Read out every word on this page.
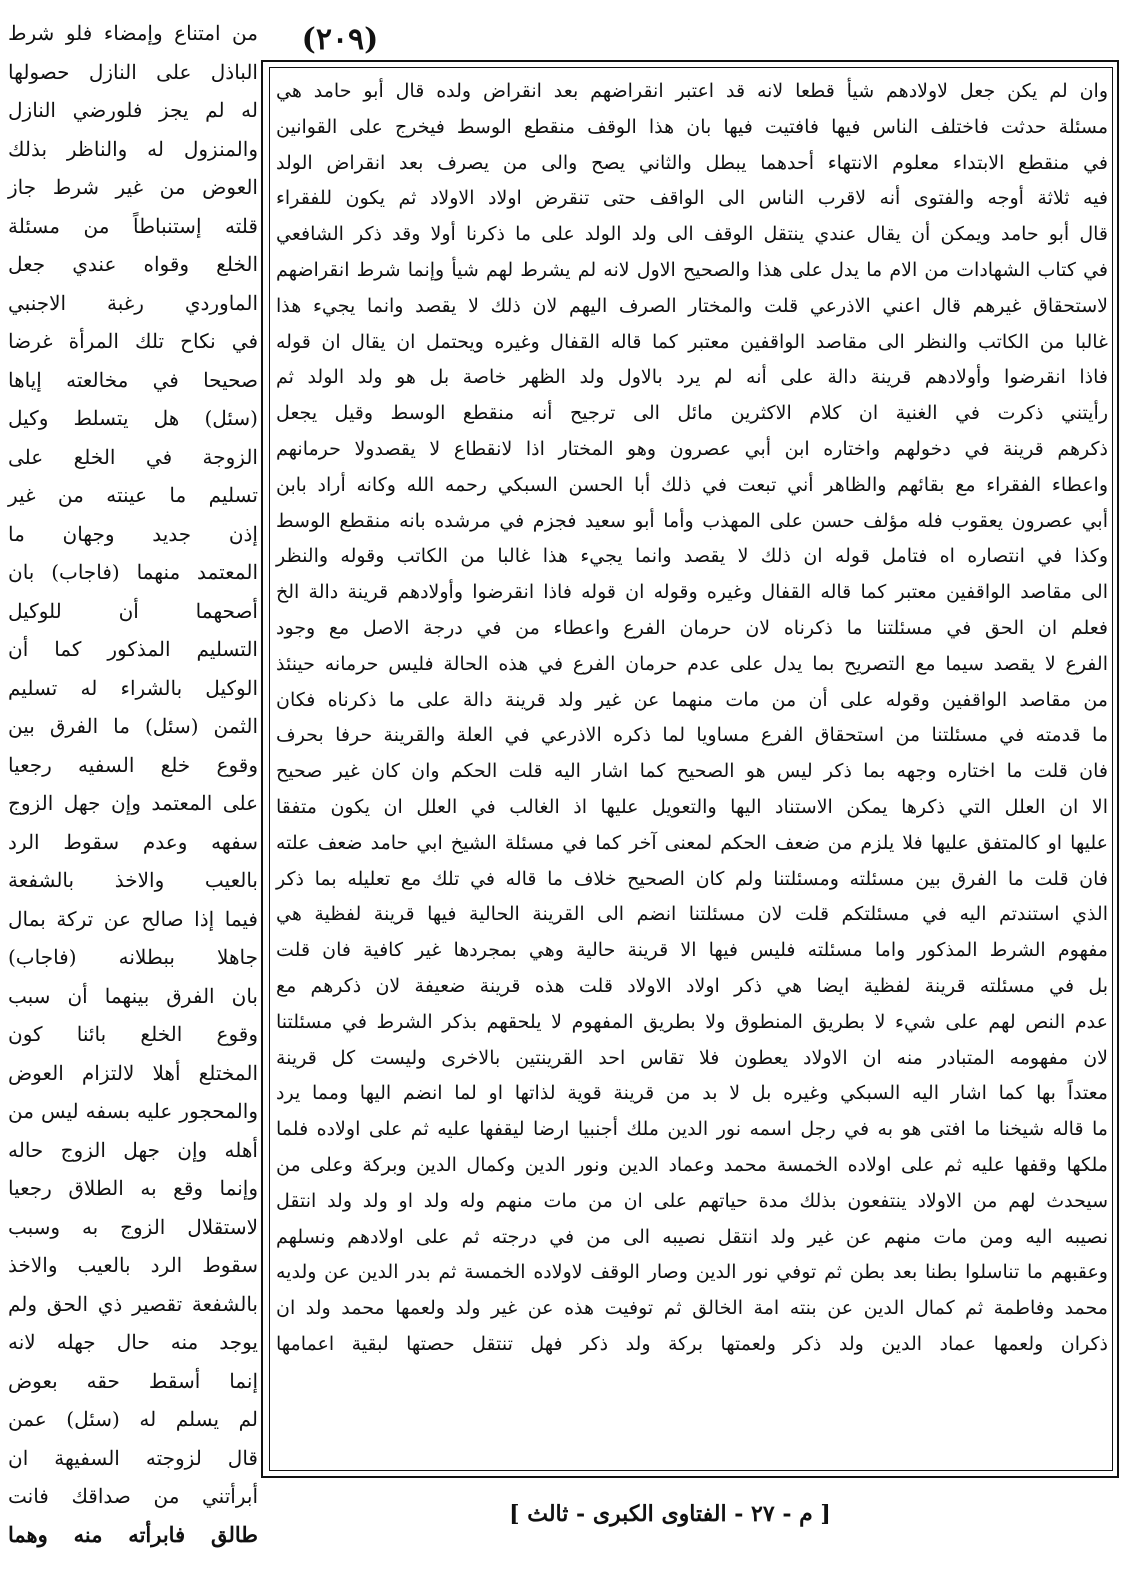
(٢٠٩)
من امتناع وإمضاء فلو شرط
الباذل على النازل حصولها
له لم يجز فلورضي النازل
والمنزول له والناظر بذلك
العوض من غير شرط جاز
قلته إستنباطاً من مسئلة
الخلع وقواه عندي جعل
الماوردي رغبة الاجنبي
في نكاح تلك المرأة غرضا
صحيحا في مخالعته إياها
(سئل) هل يتسلط وكيل
الزوجة في الخلع على
تسليم ما عينته من غير
إذن جديد وجهان ما
المعتمد منهما (فاجاب) بان
أصحهما أن للوكيل
التسليم المذكور كما أن
الوكيل بالشراء له تسليم
الثمن (سئل) ما الفرق بين
وقوع خلع السفيه رجعيا
على المعتمد وإن جهل الزوج
سفهه وعدم سقوط الرد
بالعيب والاخذ بالشفعة
فيما إذا صالح عن تركة بمال
جاهلا ببطلانه (فاجاب)
بان الفرق بينهما أن سبب
وقوع الخلع بائنا كون
المختلع أهلا لالتزام العوض
والمحجور عليه بسفه ليس من
أهله وإن جهل الزوج حاله
وإنما وقع به الطلاق رجعيا
لاستقلال الزوج به وسبب
سقوط الرد بالعيب والاخذ
بالشفعة تقصير ذي الحق ولم
يوجد منه حال جهله لانه
إنما أسقط حقه بعوض
لم يسلم له (سئل) عمن
قال لزوجته السفيهة ان
أبرأتني من صداقك فانت
طالق فابرأته منه وهما
وان لم يكن جعل لاولادهم شيأ قطعا لانه قد اعتبر انقراضهم بعد انقراض ولده قال أبو حامد هي
مسئلة حدثت فاختلف الناس فيها فافتيت فيها بان هذا الوقف منقطع الوسط فيخرج على القوانين
في منقطع الابتداء معلوم الانتهاء أحدهما يبطل والثاني يصح والى من يصرف بعد انقراض الولد
فيه ثلاثة أوجه والفتوى أنه لاقرب الناس الى الواقف حتى تنقرض اولاد الاولاد ثم يكون للفقراء
قال أبو حامد ويمكن أن يقال عندي ينتقل الوقف الى ولد الولد على ما ذكرنا أولا وقد ذكر الشافعي
في كتاب الشهادات من الام ما يدل على هذا والصحيح الاول لانه لم يشرط لهم شيأ وإنما شرط انقراضهم
لاستحقاق غيرهم قال اعني الاذرعي قلت والمختار الصرف اليهم لان ذلك لا يقصد وانما يجيء هذا
غالبا من الكاتب والنظر الى مقاصد الواقفين معتبر كما قاله القفال وغيره ويحتمل ان يقال ان قوله
فاذا انقرضوا وأولادهم قرينة دالة على أنه لم يرد بالاول ولد الظهر خاصة بل هو ولد الولد ثم
رأيتني ذكرت في الغنية ان كلام الاكثرين مائل الى ترجيح أنه منقطع الوسط وقيل يجعل
ذكرهم قرينة في دخولهم واختاره ابن أبي عصرون وهو المختار اذا لانقطاع لا يقصدولا حرمانهم
واعطاء الفقراء مع بقائهم والظاهر أني تبعت في ذلك أبا الحسن السبكي رحمه الله وكانه أراد بابن
أبي عصرون يعقوب فله مؤلف حسن على المهذب وأما أبو سعيد فجزم في مرشده بانه منقطع الوسط
وكذا في انتصاره اه فتامل قوله ان ذلك لا يقصد وانما يجيء هذا غالبا من الكاتب وقوله والنظر
الى مقاصد الواقفين معتبر كما قاله القفال وغيره وقوله ان قوله فاذا انقرضوا وأولادهم قرينة دالة الخ
فعلم ان الحق في مسئلتنا ما ذكرناه لان حرمان الفرع واعطاء من في درجة الاصل مع وجود
الفرع لا يقصد سيما مع التصريح بما يدل على عدم حرمان الفرع في هذه الحالة فليس حرمانه حينئذ
من مقاصد الواقفين وقوله على أن من مات منهما عن غير ولد قرينة دالة على ما ذكرناه فكان
ما قدمته في مسئلتنا من استحقاق الفرع مساويا لما ذكره الاذرعي في العلة والقرينة حرفا بحرف
فان قلت ما اختاره وجهه بما ذكر ليس هو الصحيح كما اشار اليه قلت الحكم وان كان غير صحيح
الا ان العلل التي ذكرها يمكن الاستناد اليها والتعويل عليها اذ الغالب في العلل ان يكون متفقا
عليها او كالمتفق عليها فلا يلزم من ضعف الحكم لمعنى آخر كما في مسئلة الشيخ ابي حامد ضعف علته
فان قلت ما الفرق بين مسئلته ومسئلتنا ولم كان الصحيح خلاف ما قاله في تلك مع تعليله بما ذكر
الذي استندتم اليه في مسئلتكم قلت لان مسئلتنا انضم الى القرينة الحالية فيها قرينة لفظية هي
مفهوم الشرط المذكور واما مسئلته فليس فيها الا قرينة حالية وهي بمجردها غير كافية فان قلت
بل في مسئلته قرينة لفظية ايضا هي ذكر اولاد الاولاد قلت هذه قرينة ضعيفة لان ذكرهم مع
عدم النص لهم على شيء لا بطريق المنطوق ولا بطريق المفهوم لا يلحقهم بذكر الشرط في مسئلتنا
لان مفهومه المتبادر منه ان الاولاد يعطون فلا تقاس احد القرينتين بالاخرى وليست كل قرينة
معتداً بها كما اشار اليه السبكي وغيره بل لا بد من قرينة قوية لذاتها او لما انضم اليها ومما يرد
ما قاله شيخنا ما افتى هو به في رجل اسمه نور الدين ملك أجنبيا ارضا ليقفها عليه ثم على اولاده فلما
ملكها وقفها عليه ثم على اولاده الخمسة محمد وعماد الدين ونور الدين وكمال الدين وبركة وعلى من
سيحدث لهم من الاولاد ينتفعون بذلك مدة حياتهم على ان من مات منهم وله ولد او ولد ولد انتقل
نصيبه اليه ومن مات منهم عن غير ولد انتقل نصيبه الى من في درجته ثم على اولادهم ونسلهم
وعقبهم ما تناسلوا بطنا بعد بطن ثم توفي نور الدين وصار الوقف لاولاده الخمسة ثم بدر الدين عن ولديه
محمد وفاطمة ثم كمال الدين عن بنته امة الخالق ثم توفيت هذه عن غير ولد ولعمها محمد ولد ان
ذكران ولعمها عماد الدين ولد ذكر ولعمتها بركة ولد ذكر فهل تنتقل حصتها لبقية اعمامها
[ م - ٢٧ - الفتاوى الكبرى - ثالث ]
